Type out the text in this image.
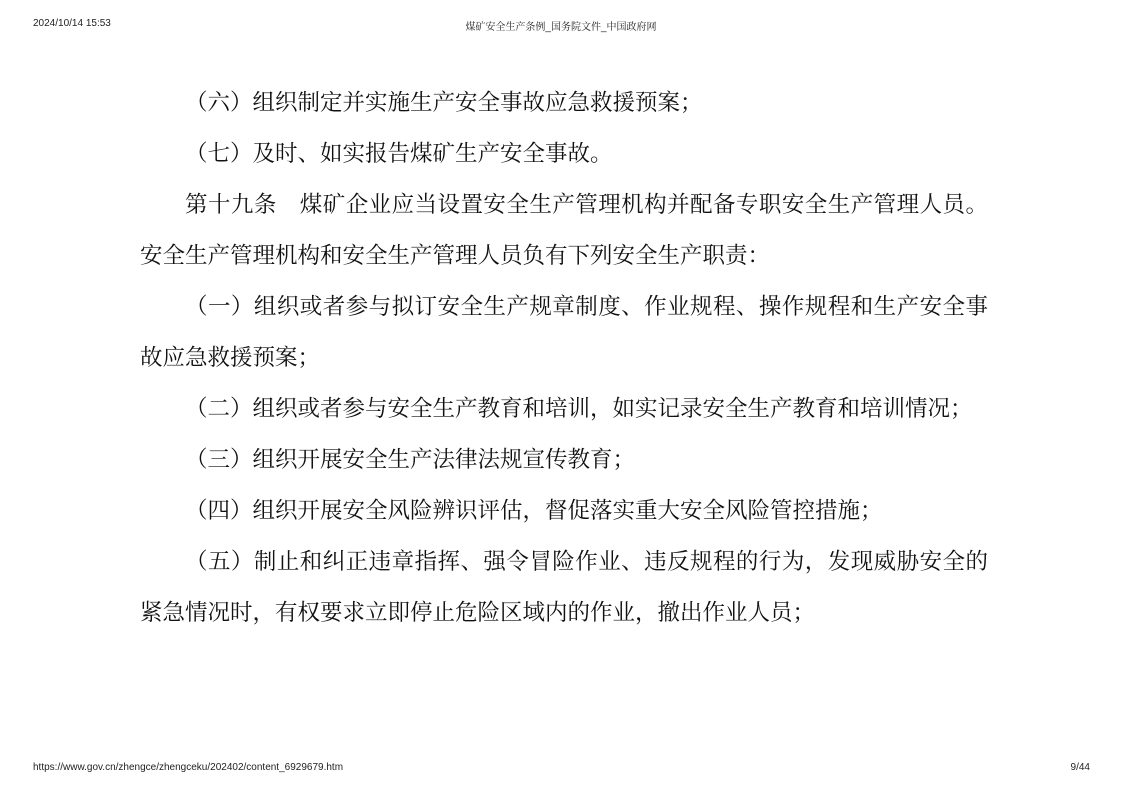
2024/10/14 15:53	煤矿安全生产条例_国务院文件_中国政府网

（六）组织制定并实施生产安全事故应急救援预案；

（七）及时、如实报告煤矿生产安全事故。

第十九条　煤矿企业应当设置安全生产管理机构并配备专职安全生产管理人员。安全生产管理机构和安全生产管理人员负有下列安全生产职责：

（一）组织或者参与拟订安全生产规章制度、作业规程、操作规程和生产安全事故应急救援预案；

（二）组织或者参与安全生产教育和培训，如实记录安全生产教育和培训情况；

（三）组织开展安全生产法律法规宣传教育；

（四）组织开展安全风险辨识评估，督促落实重大安全风险管控措施；

（五）制止和纠正违章指挥、强令冒险作业、违反规程的行为，发现威胁安全的紧急情况时，有权要求立即停止危险区域内的作业，撤出作业人员；

https://www.gov.cn/zhengce/zhengceku/202402/content_6929679.htm	9/44
